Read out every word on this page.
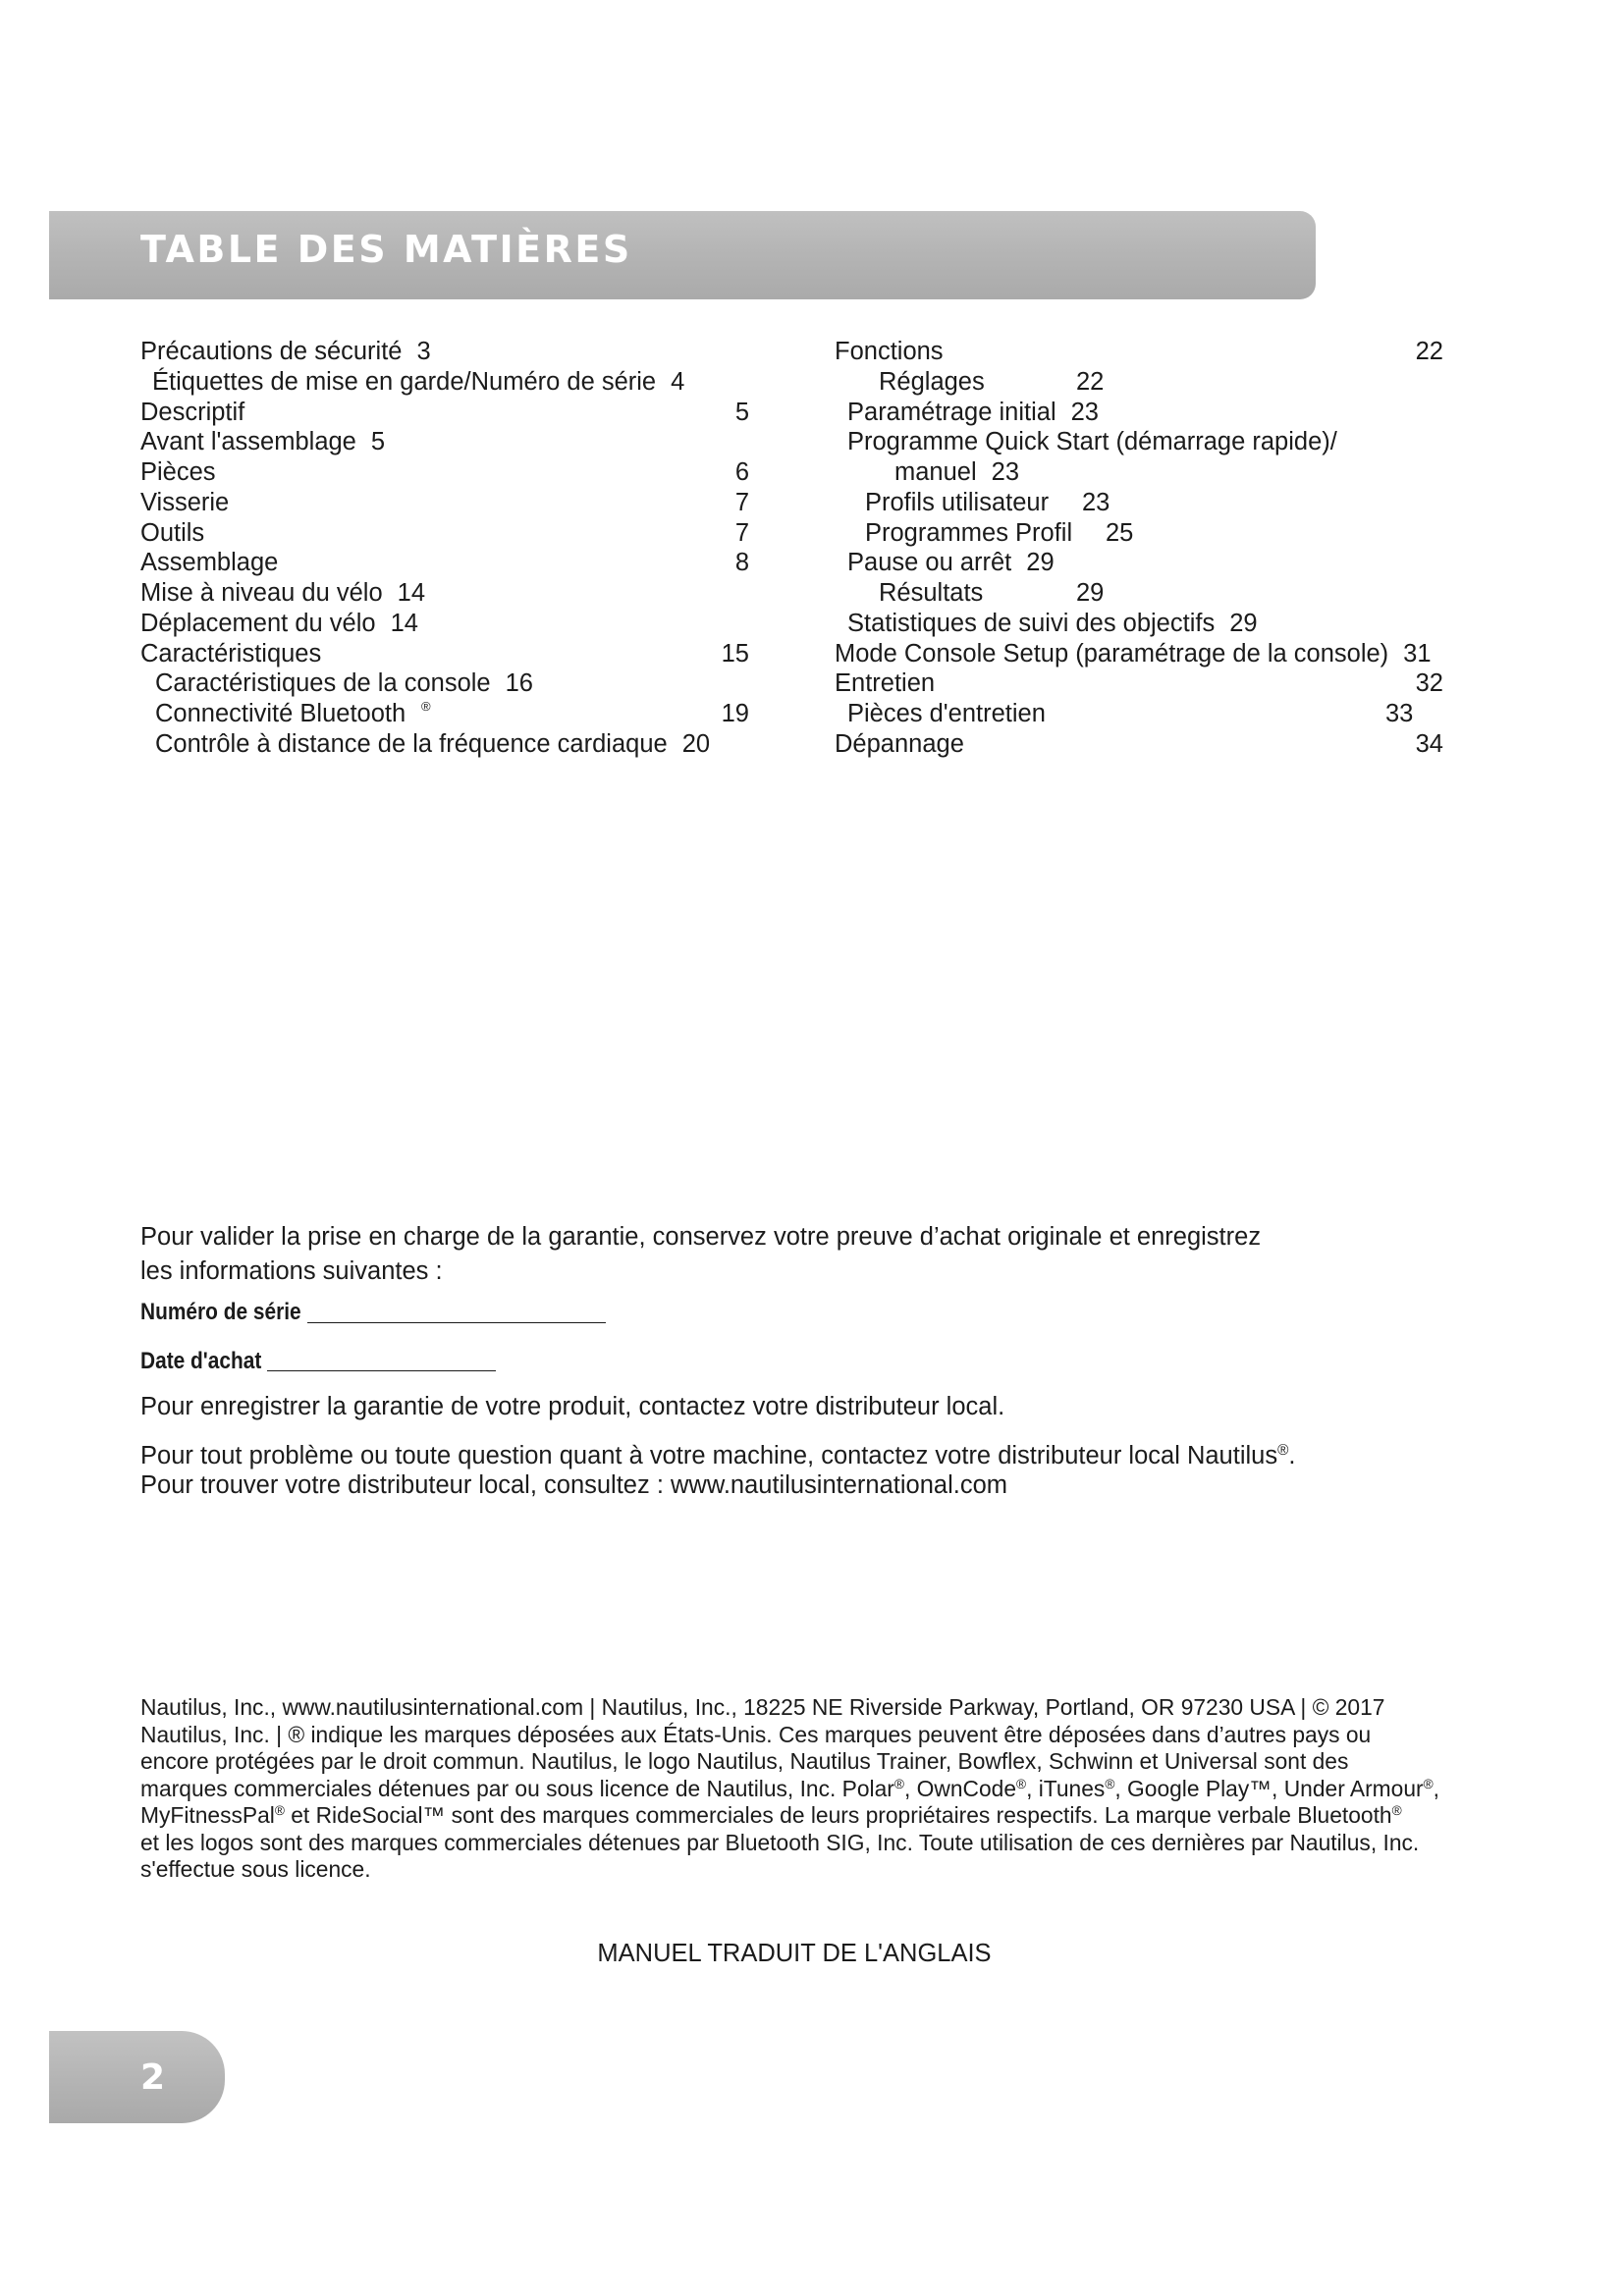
TABLE DES MATIÈRES
Précautions de sécurité 3
Étiquettes de mise en garde/Numéro de série 4
Descriptif	5
Avant l'assemblage 5
Pièces	6
Visserie	7
Outils	7
Assemblage	8
Mise à niveau du vélo 14
Déplacement du vélo 14
Caractéristiques	15
Caractéristiques de la console 16
Connectivité Bluetooth ®	19
Contrôle à distance de la fréquence cardiaque 20
Fonctions	22
Réglages	22
Paramétrage initial 23
Programme Quick Start (démarrage rapide)/
manuel 23
Profils utilisateur 23
Programmes Profil 25
Pause ou arrêt 29
Résultats	29
Statistiques de suivi des objectifs 29
Mode Console Setup (paramétrage de la console) 31
Entretien	32
Pièces d'entretien	33
Dépannage	34
Pour valider la prise en charge de la garantie, conservez votre preuve d’achat originale et enregistrez
les informations suivantes :
Numéro de série
Date d'achat
Pour enregistrer la garantie de votre produit, contactez votre distributeur local.
Pour tout problème ou toute question quant à votre machine, contactez votre distributeur local Nautilus®.
Pour trouver votre distributeur local, consultez : www.nautilusinternational.com
Nautilus, Inc., www.nautilusinternational.com | Nautilus, Inc., 18225 NE Riverside Parkway, Portland, OR 97230 USA | © 2017
Nautilus, Inc. | ® indique les marques déposées aux États-Unis. Ces marques peuvent être déposées dans d’autres pays ou
encore protégées par le droit commun. Nautilus, le logo Nautilus, Nautilus Trainer, Bowflex, Schwinn et Universal sont des
marques commerciales détenues par ou sous licence de Nautilus, Inc. Polar®, OwnCode®, iTunes®, Google Play™, Under Armour®,
MyFitnessPal® et RideSocial™ sont des marques commerciales de leurs propriétaires respectifs. La marque verbale Bluetooth®
et les logos sont des marques commerciales détenues par Bluetooth SIG, Inc. Toute utilisation de ces dernières par Nautilus, Inc.
s'effectue sous licence.
MANUEL TRADUIT DE L'ANGLAIS
2
